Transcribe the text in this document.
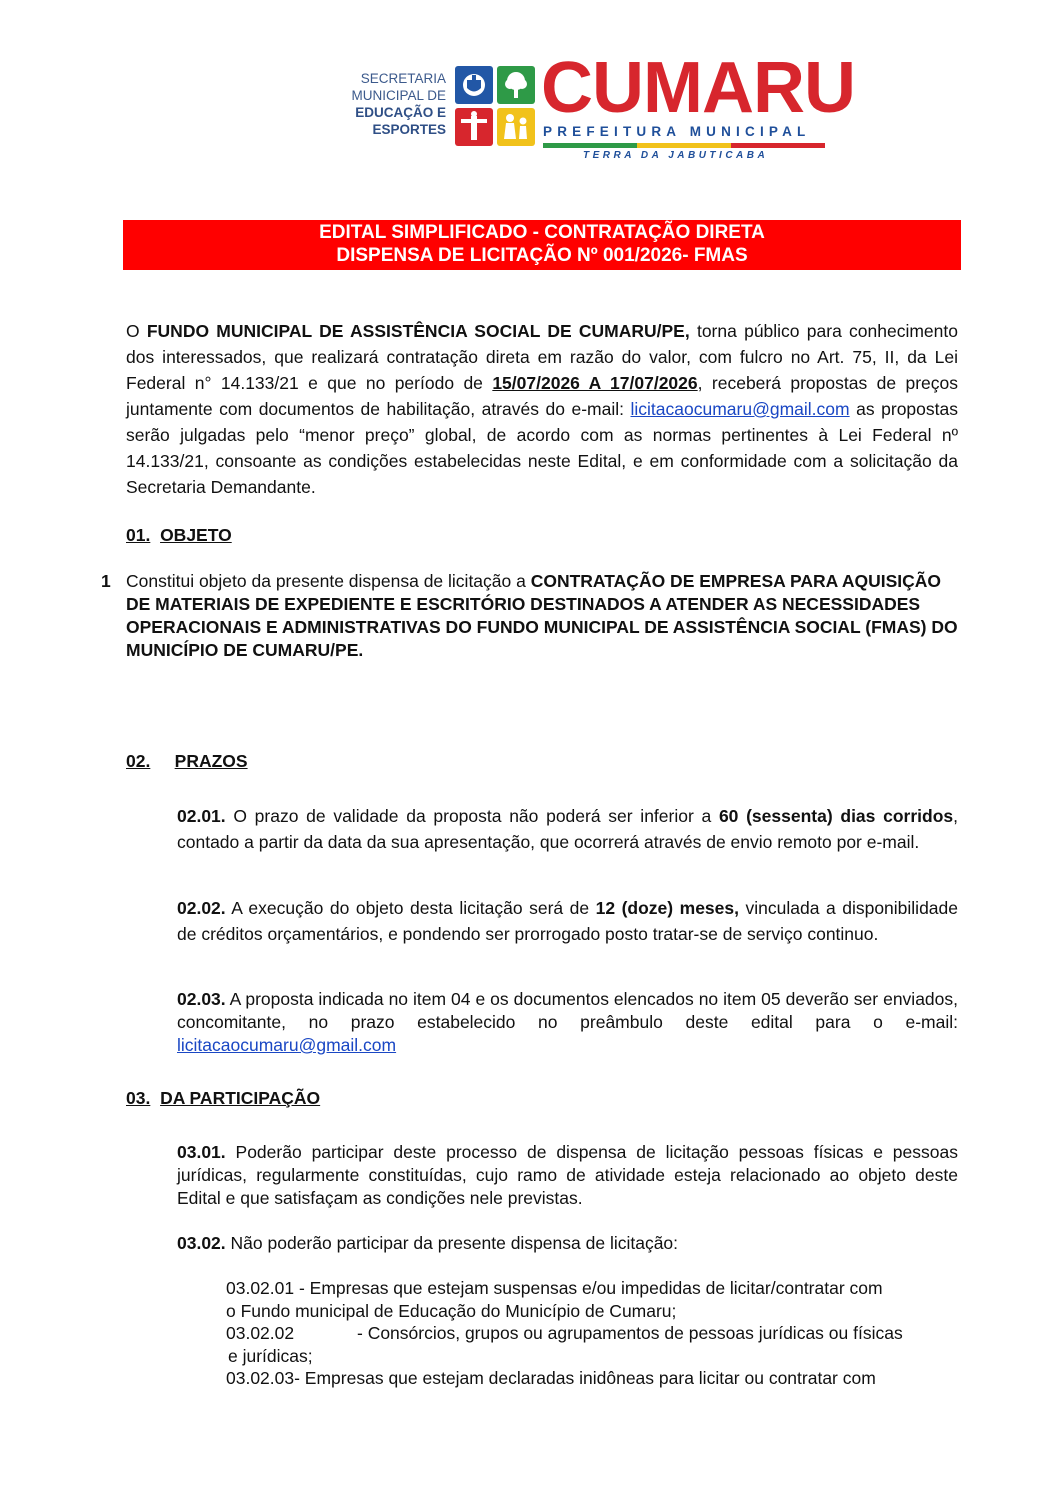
SECRETARIA
MUNICIPAL DE
EDUCAÇÃO E
ESPORTES
CUMARU
PREFEITURA MUNICIPAL
TERRA DA JABUTICABA
EDITAL SIMPLIFICADO - CONTRATAÇÃO DIRETA
DISPENSA DE LICITAÇÃO Nº 001/2026- FMAS
O FUNDO MUNICIPAL DE ASSISTÊNCIA SOCIAL DE CUMARU/PE, torna público para conhecimento dos interessados, que realizará contratação direta em razão do valor, com fulcro no Art. 75, II, da Lei Federal n° 14.133/21 e que no período de 15/07/2026 A 17/07/2026, receberá propostas de preços juntamente com documentos de habilitação, através do e-mail: licitacaocumaru@gmail.com as propostas serão julgadas pelo “menor preço” global, de acordo com as normas pertinentes à Lei Federal nº 14.133/21, consoante as condições estabelecidas neste Edital, e em conformidade com a solicitação da Secretaria Demandante.
01. OBJETO
1 Constitui objeto da presente dispensa de licitação a CONTRATAÇÃO DE EMPRESA PARA AQUISIÇÃO DE MATERIAIS DE EXPEDIENTE E ESCRITÓRIO DESTINADOS A ATENDER AS NECESSIDADES OPERACIONAIS E ADMINISTRATIVAS DO FUNDO MUNICIPAL DE ASSISTÊNCIA SOCIAL (FMAS) DO MUNICÍPIO DE CUMARU/PE.
02. PRAZOS
02.01. O prazo de validade da proposta não poderá ser inferior a 60 (sessenta) dias corridos, contado a partir da data da sua apresentação, que ocorrerá através de envio remoto por e-mail.
02.02. A execução do objeto desta licitação será de 12 (doze) meses, vinculada a disponibilidade de créditos orçamentários, e pondendo ser prorrogado posto tratar-se de serviço continuo.
02.03. A proposta indicada no item 04 e os documentos elencados no item 05 deverão ser enviados, concomitante, no prazo estabelecido no preâmbulo deste edital para o e-mail: licitacaocumaru@gmail.com
03. DA PARTICIPAÇÃO
03.01. Poderão participar deste processo de dispensa de licitação pessoas físicas e pessoas jurídicas, regularmente constituídas, cujo ramo de atividade esteja relacionado ao objeto deste Edital e que satisfaçam as condições nele previstas.
03.02. Não poderão participar da presente dispensa de licitação:
03.02.01 - Empresas que estejam suspensas e/ou impedidas de licitar/contratar com
o Fundo municipal de Educação do Município de Cumaru;
03.02.02	- Consórcios, grupos ou agrupamentos de pessoas jurídicas ou físicas
e jurídicas;
03.02.03- Empresas que estejam declaradas inidôneas para licitar ou contratar com
